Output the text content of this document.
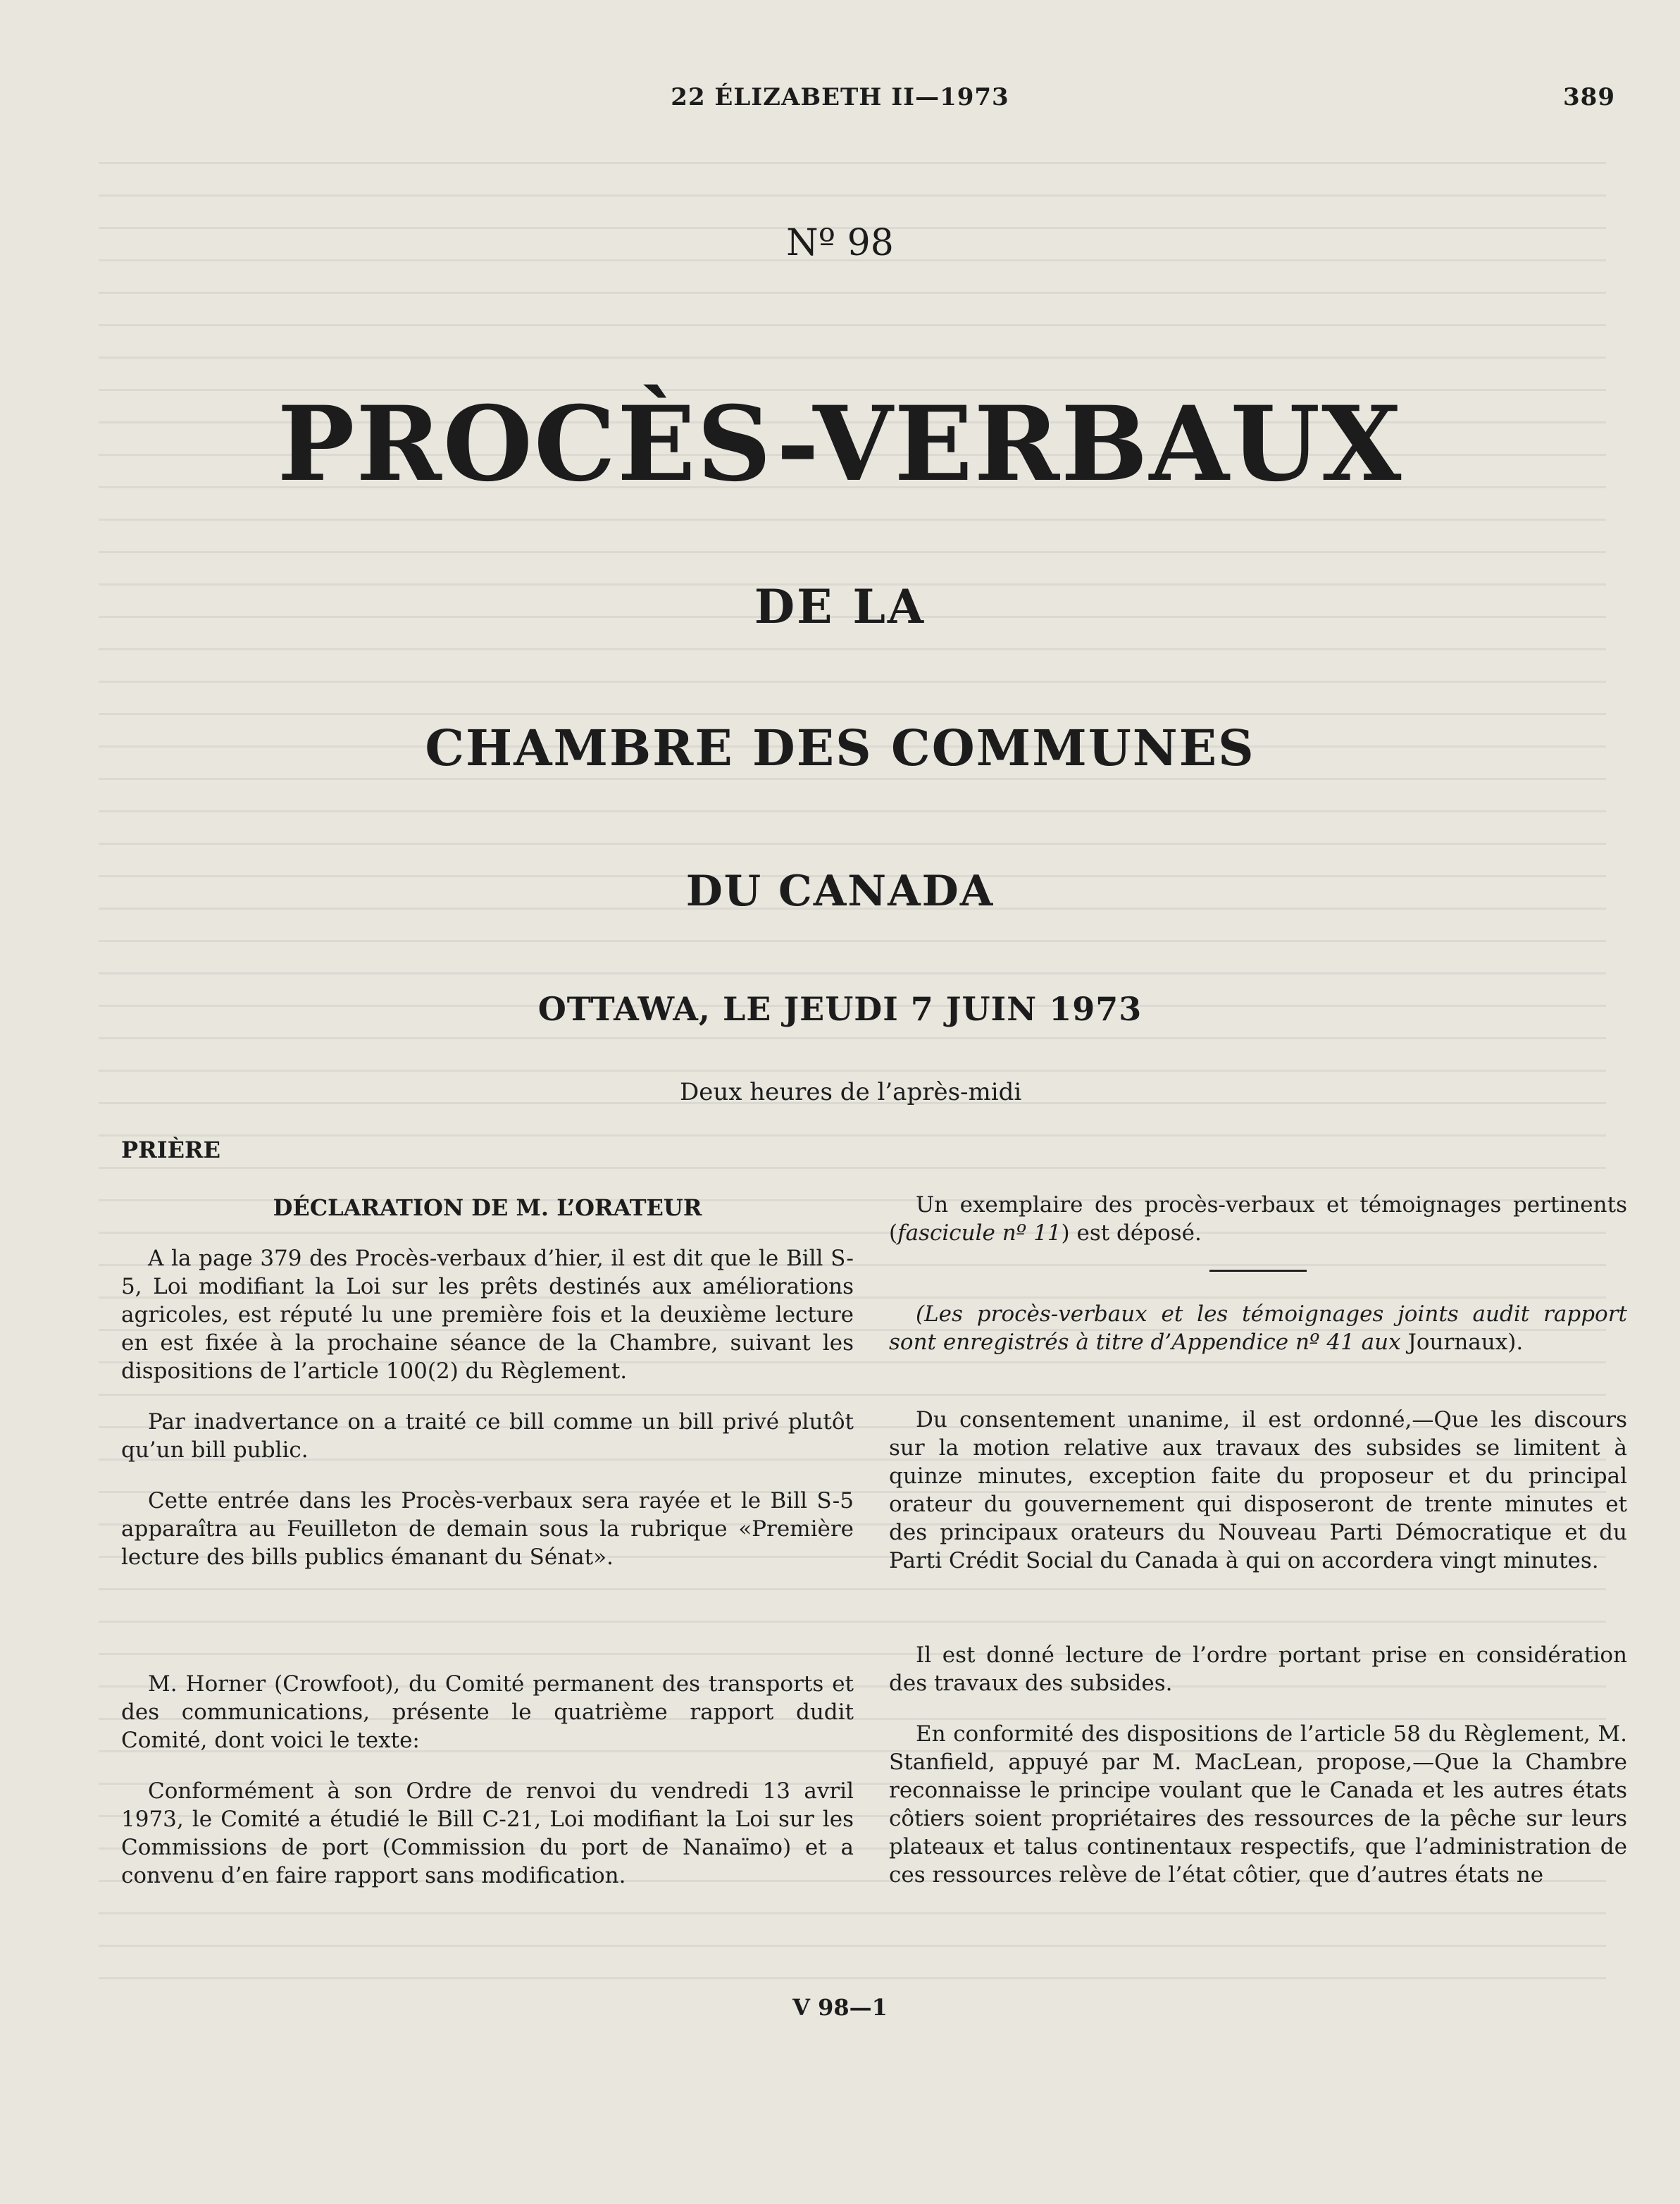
22 ÉLIZABETH II—1973	389
Nº 98
PROCÈS-VERBAUX
DE LA
CHAMBRE DES COMMUNES
DU CANADA
OTTAWA, LE JEUDI 7 JUIN 1973
Deux heures de l’après-midi
PRIÈRE
DÉCLARATION DE M. L’ORATEUR

A la page 379 des Procès-verbaux d’hier, il est dit que le Bill S-5, Loi modifiant la Loi sur les prêts destinés aux améliorations agricoles, est réputé lu une première fois et la deuxième lecture en est fixée à la prochaine séance de la Chambre, suivant les dispositions de l’article 100(2) du Règlement.

Par inadvertance on a traité ce bill comme un bill privé plutôt qu’un bill public.

Cette entrée dans les Procès-verbaux sera rayée et le Bill S-5 apparaîtra au Feuilleton de demain sous la rubrique «Première lecture des bills publics émanant du Sénat».

M. Horner (Crowfoot), du Comité permanent des transports et des communications, présente le quatrième rapport dudit Comité, dont voici le texte:

Conformément à son Ordre de renvoi du vendredi 13 avril 1973, le Comité a étudié le Bill C-21, Loi modifiant la Loi sur les Commissions de port (Commission du port de Nanaïmo) et a convenu d’en faire rapport sans modification.

Un exemplaire des procès-verbaux et témoignages pertinents (fascicule nº 11) est déposé.

(Les procès-verbaux et les témoignages joints audit rapport sont enregistrés à titre d’Appendice nº 41 aux Journaux).

Du consentement unanime, il est ordonné,—Que les discours sur la motion relative aux travaux des subsides se limitent à quinze minutes, exception faite du proposeur et du principal orateur du gouvernement qui disposeront de trente minutes et des principaux orateurs du Nouveau Parti Démocratique et du Parti Crédit Social du Canada à qui on accordera vingt minutes.

Il est donné lecture de l’ordre portant prise en considération des travaux des subsides.

En conformité des dispositions de l’article 58 du Règlement, M. Stanfield, appuyé par M. MacLean, propose,—Que la Chambre reconnaisse le principe voulant que le Canada et les autres états côtiers soient propriétaires des ressources de la pêche sur leurs plateaux et talus continentaux respectifs, que l’administration de ces ressources relève de l’état côtier, que d’autres états ne

V 98—1
